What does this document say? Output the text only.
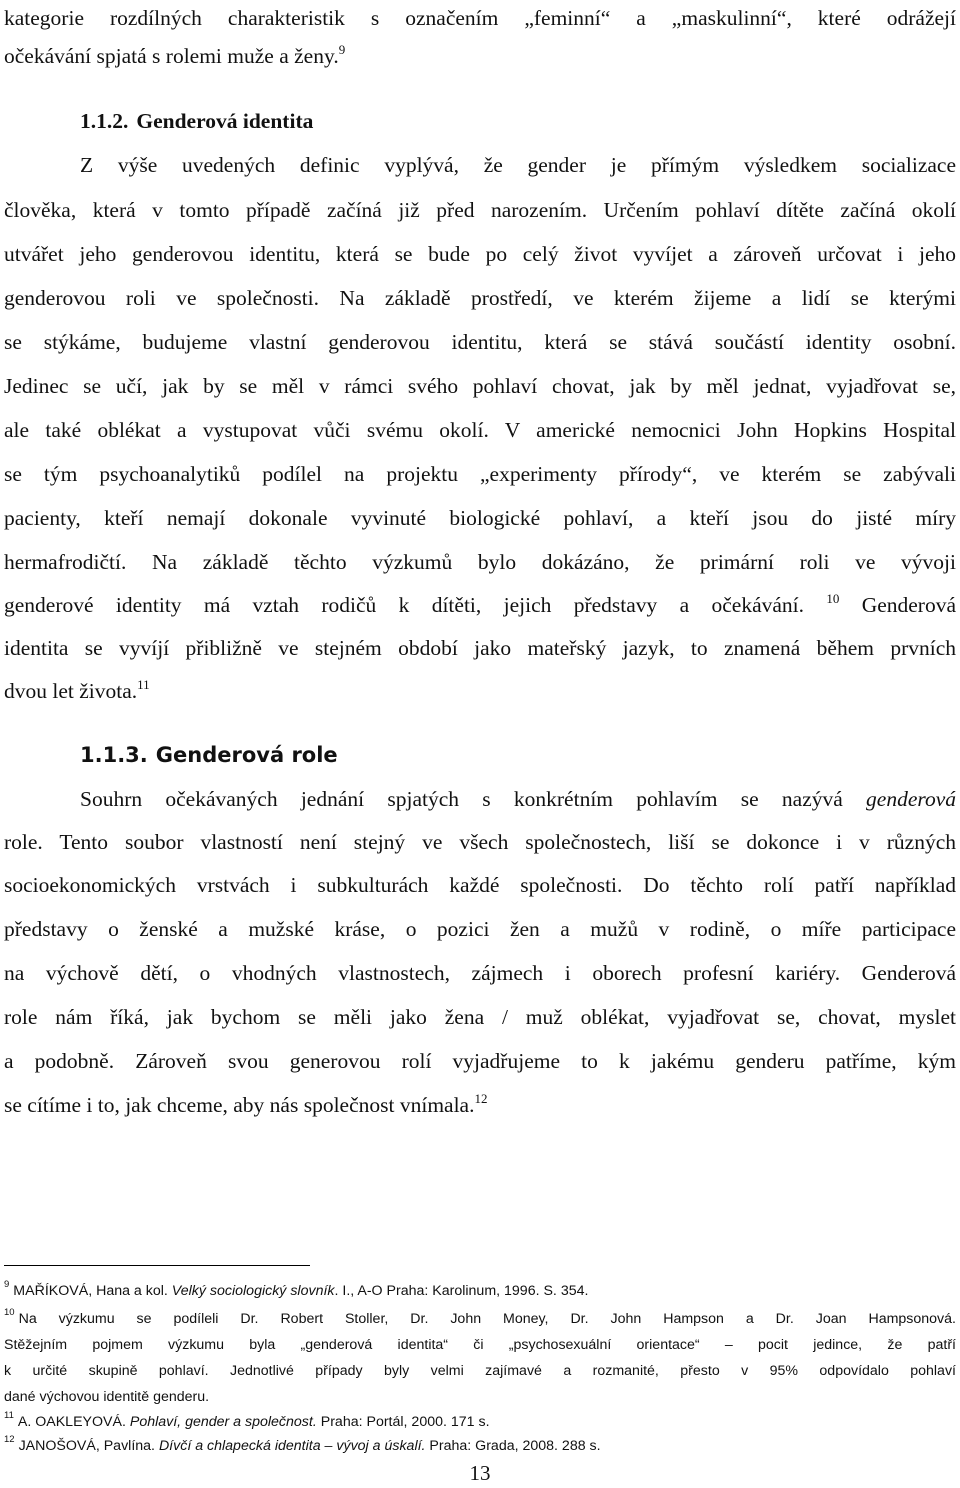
kategorie rozdílných charakteristik s označením „feminní“ a „maskulinní“, které odrážejí
očekávání spjatá s rolemi muže a ženy.$^9$
1.1.2. Genderová identita
Z výše uvedených definic vyplývá, že gender je přímým výsledkem socializace
člověka, která v tomto případě začíná již před narozením. Určením pohlaví dítěte začíná okolí
utvářet jeho genderovou identitu, která se bude po celý život vyvíjet a zároveň určovat i jeho
genderovou roli ve společnosti. Na základě prostředí, ve kterém žijeme a lidí se kterými
se stýkáme, budujeme vlastní genderovou identitu, která se stává součástí identity osobní.
Jedinec se učí, jak by se měl v rámci svého pohlaví chovat, jak by měl jednat, vyjadřovat se,
ale také oblékat a vystupovat vůči svému okolí. V americké nemocnici John Hopkins Hospital
se tým psychoanalytiků podílel na projektu „experimenty přírody“, ve kterém se zabývali
pacienty, kteří nemají dokonale vyvinuté biologické pohlaví, a kteří jsou do jisté míry
hermafrodičtí. Na základě těchto výzkumů bylo dokázáno, že primární roli ve vývoji
genderové identity má vztah rodičů k dítěti, jejich představy a očekávání. $^{10}$ Genderová
identita se vyvíjí přibližně ve stejném období jako mateřský jazyk, to znamená během prvních
dvou let života.$^{11}$
1.1.3. Genderová role
Souhrn očekávaných jednání spjatých s konkrétním pohlavím se nazývá genderová
role. Tento soubor vlastností není stejný ve všech společnostech, liší se dokonce i v různých
socioekonomických vrstvách i subkulturách každé společnosti. Do těchto rolí patří například
představy o ženské a mužské krásе, o pozici žen a mužů v rodině, o míře participace
na výchově dětí, o vhodných vlastnostech, zájmech i oborech profesní kariéry. Genderová
role nám říká, jak bychom se měli jako žena / muž oblékat, vyjadřovat se, chovat, myslet
a podobně. Zároveň svou generovou rolí vyjadřujeme to k jakému genderu patříme, kým
se cítíme i to, jak chceme, aby nás společnost vnímala.$^{12}$
$^9$ MAŘÍKOVÁ, Hana a kol. Velký sociologický slovník. I., A-O Praha: Karolinum, 1996. S. 354.
$^{10}$ Na výzkumu se podíleli Dr. Robert Stoller, Dr. John Money, Dr. John Hampson a Dr. Joan Hampsonová.
Stěžejním pojmem výzkumu byla „genderová identita“ či „psychosexuální orientace“ – pocit jedince, že patří
k určité skupině pohlaví. Jednotlivé případy byly velmi zajímavé a rozmanité, přesto v 95% odpovídalo pohlaví
dané výchovou identitě genderu.
$^{11}$ A. OAKLEYOVÁ. Pohlaví, gender a společnost. Praha: Portál, 2000. 171 s.
$^{12}$ JANOŠOVÁ, Pavlína. Dívčí a chlapecká identita – vývoj a úskalí. Praha: Grada, 2008. 288 s.
13
